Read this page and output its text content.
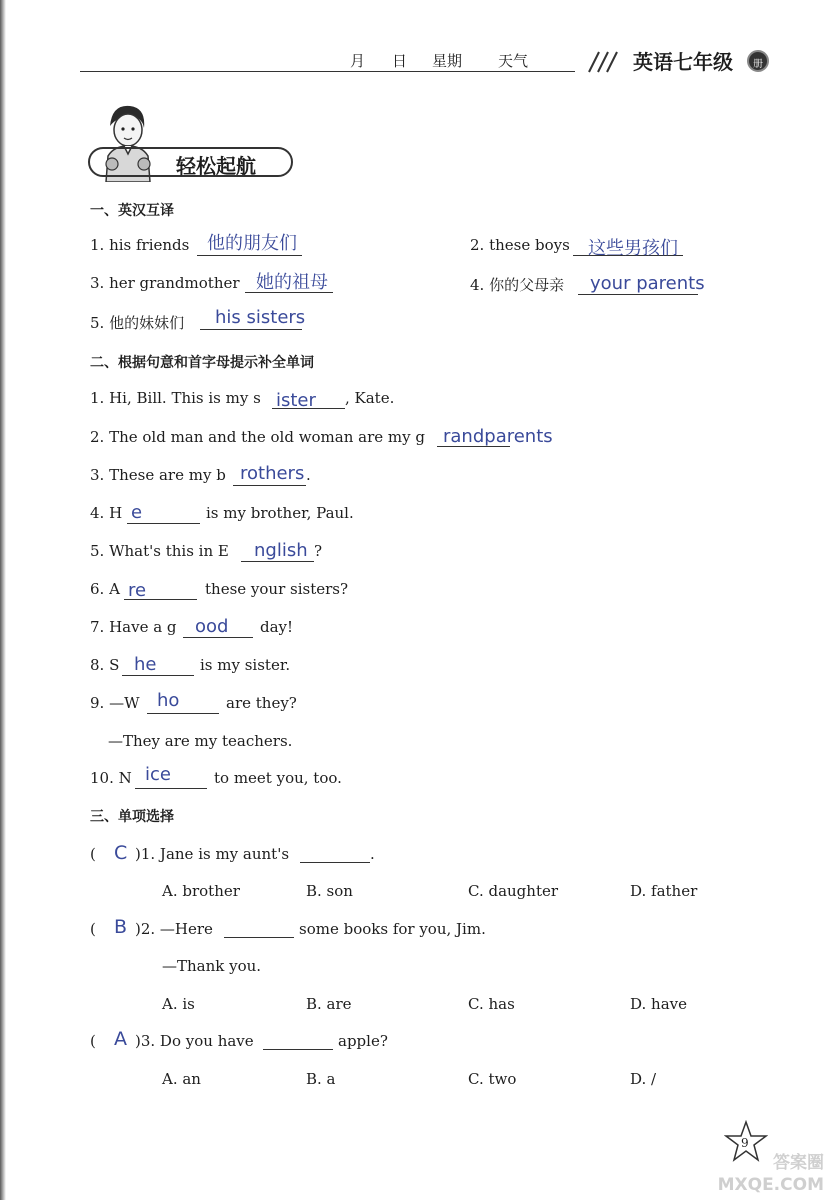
月 日 星期 天气	英语七年级	册
轻松起航
一、英汉互译
1. his friends 他的朋友们	2. these boys 这些男孩们
3. her grandmother 她的祖母	4. 你的父母亲 your parents
5. 他的妹妹们 his sisters
二、根据句意和首字母提示补全单词
1. Hi, Bill. This is my s ister , Kate.
2. The old man and the old woman are my g randparents
3. These are my b rothers .
4. H e	is my brother, Paul.
5. What's this in E nglish ?
6. A re	these your sisters?
7. Have a g ood day!
8. S he	is my sister.
9. —W ho	are they?
—They are my teachers.
10. N ice	to meet you, too.
三、单项选择
( C )1. Jane is my aunt's	.
A. brother	B. son	C. daughter	D. father
( B )2. —Here	some books for you, Jim.
—Thank you.
A. is	B. are	C. has	D. have
( A )3. Do you have	apple?
A. an	B. a	C. two	D. /
9
答案圈 MXQE.COM
